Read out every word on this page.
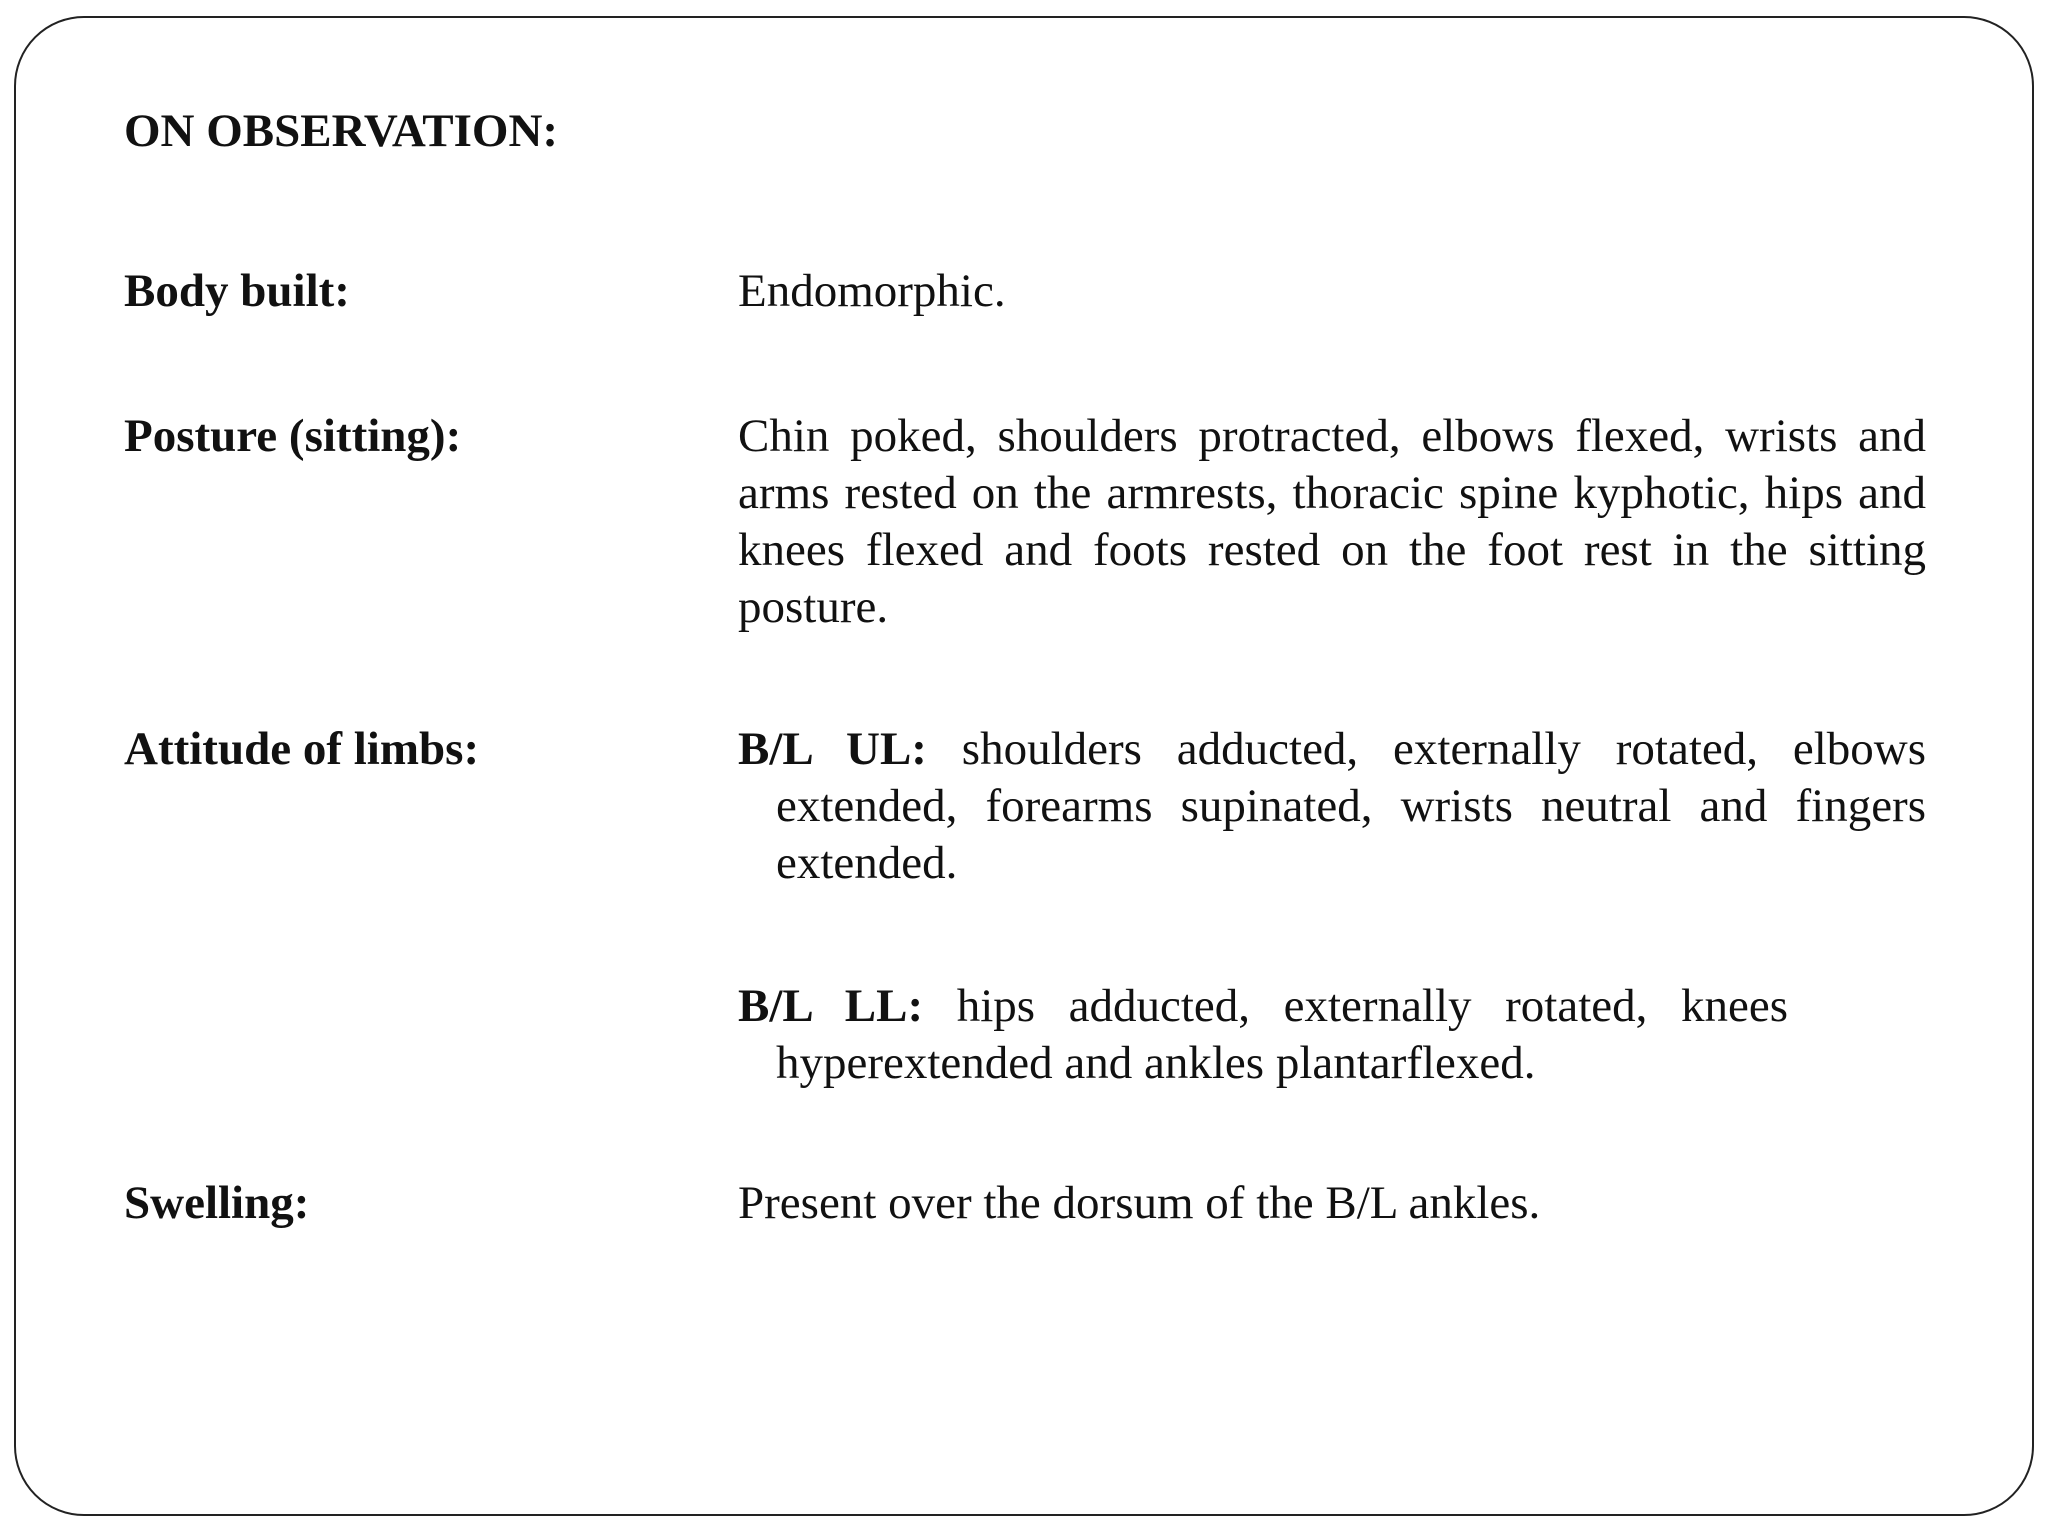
ON OBSERVATION:
Body built:	Endomorphic.
Posture (sitting):	Chin poked, shoulders protracted, elbows flexed, wrists and arms rested on the armrests, thoracic spine kyphotic, hips and knees flexed and foots rested on the foot rest in the sitting posture.
Attitude of limbs:	B/L UL: shoulders adducted, externally rotated, elbows extended, forearms supinated, wrists neutral and fingers extended.
B/L LL: hips adducted, externally rotated, knees hyperextended and ankles plantarflexed.
Swelling:	Present over the dorsum of the B/L ankles.
